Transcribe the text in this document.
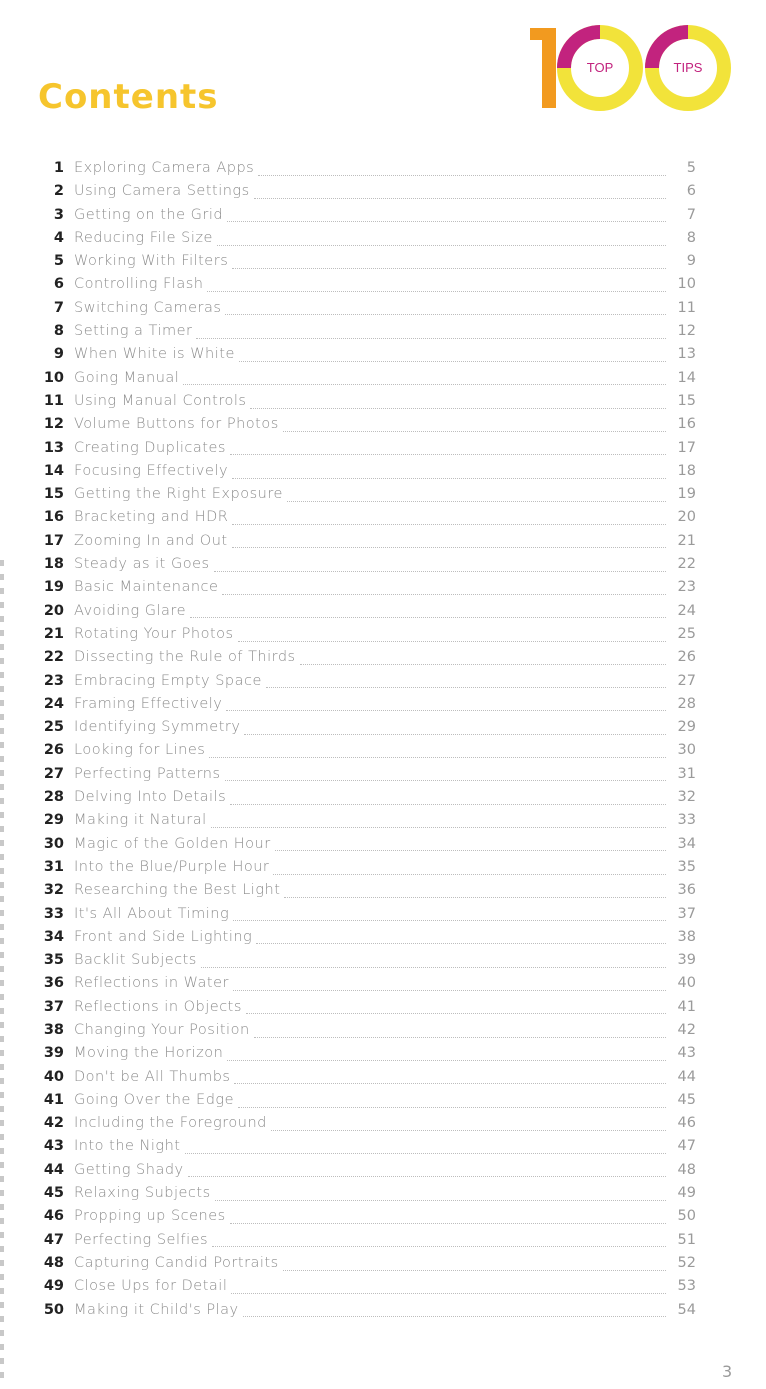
Contents
TOP	TIPS
1 Exploring Camera Apps	5
2 Using Camera Settings	6
3 Getting on the Grid	7
4 Reducing File Size	8
5 Working With Filters	9
6 Controlling Flash	10
7 Switching Cameras	11
8 Setting a Timer	12
9 When White is White	13
10 Going Manual	14
11 Using Manual Controls	15
12 Volume Buttons for Photos	16
13 Creating Duplicates	17
14 Focusing Effectively	18
15 Getting the Right Exposure	19
16 Bracketing and HDR	20
17 Zooming In and Out	21
18 Steady as it Goes	22
19 Basic Maintenance	23
20 Avoiding Glare	24
21 Rotating Your Photos	25
22 Dissecting the Rule of Thirds	26
23 Embracing Empty Space	27
24 Framing Effectively	28
25 Identifying Symmetry	29
26 Looking for Lines	30
27 Perfecting Patterns	31
28 Delving Into Details	32
29 Making it Natural	33
30 Magic of the Golden Hour	34
31 Into the Blue/Purple Hour	35
32 Researching the Best Light	36
33 It's All About Timing	37
34 Front and Side Lighting	38
35 Backlit Subjects	39
36 Reflections in Water	40
37 Reflections in Objects	41
38 Changing Your Position	42
39 Moving the Horizon	43
40 Don't be All Thumbs	44
41 Going Over the Edge	45
42 Including the Foreground	46
43 Into the Night	47
44 Getting Shady	48
45 Relaxing Subjects	49
46 Propping up Scenes	50
47 Perfecting Selfies	51
48 Capturing Candid Portraits	52
49 Close Ups for Detail	53
50 Making it Child's Play	54
3
